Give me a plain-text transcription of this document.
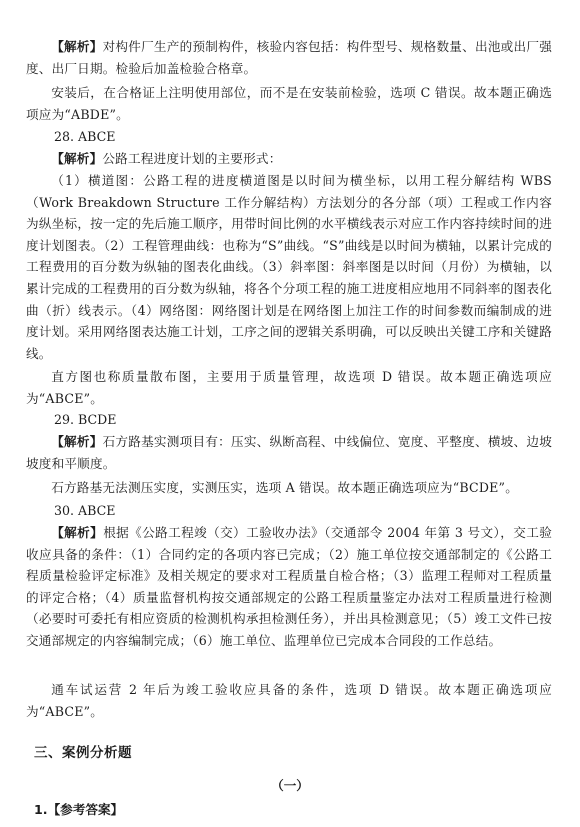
【解析】对构件厂生产的预制构件，核验内容包括：构件型号、规格数量、出池或出厂强度、出厂日期。检验后加盖检验合格章。
安装后，在合格证上注明使用部位，而不是在安装前检验，选项 C 错误。故本题正确选项应为“ABDE”。
28. ABCE
【解析】公路工程进度计划的主要形式：
（1）横道图：公路工程的进度横道图是以时间为横坐标，以用工程分解结构 WBS（Work Breakdown Structure 工作分解结构）方法划分的各分部（项）工程或工作内容为纵坐标，按一定的先后施工顺序，用带时间比例的水平横线表示对应工作内容持续时间的进度计划图表。（2）工程管理曲线：也称为“S”曲线。“S”曲线是以时间为横轴，以累计完成的工程费用的百分数为纵轴的图表化曲线。（3）斜率图：斜率图是以时间（月份）为横轴，以累计完成的工程费用的百分数为纵轴，将各个分项工程的施工进度相应地用不同斜率的图表化曲（折）线表示。（4）网络图：网络图计划是在网络图上加注工作的时间参数而编制成的进度计划。采用网络图表达施工计划，工序之间的逻辑关系明确，可以反映出关键工序和关键路线。
直方图也称质量散布图，主要用于质量管理，故选项 D 错误。故本题正确选项应为“ABCE”。
29. BCDE
【解析】石方路基实测项目有：压实、纵断高程、中线偏位、宽度、平整度、横坡、边坡坡度和平顺度。
石方路基无法测压实度，实测压实，选项 A 错误。故本题正确选项应为“BCDE”。
30. ABCE
【解析】根据《公路工程竣（交）工验收办法》（交通部令 2004 年第 3 号文），交工验收应具备的条件：（1）合同约定的各项内容已完成；（2）施工单位按交通部制定的《公路工程质量检验评定标准》及相关规定的要求对工程质量自检合格；（3）监理工程师对工程质量的评定合格；（4）质量监督机构按交通部规定的公路工程质量鉴定办法对工程质量进行检测（必要时可委托有相应资质的检测机构承担检测任务），并出具检测意见；（5）竣工文件已按交通部规定的内容编制完成；（6）施工单位、监理单位已完成本合同段的工作总结。
通车试运营 2 年后为竣工验收应具备的条件，选项 D 错误。故本题正确选项应为“ABCE”。
三、案例分析题
（一）
1.【参考答案】
